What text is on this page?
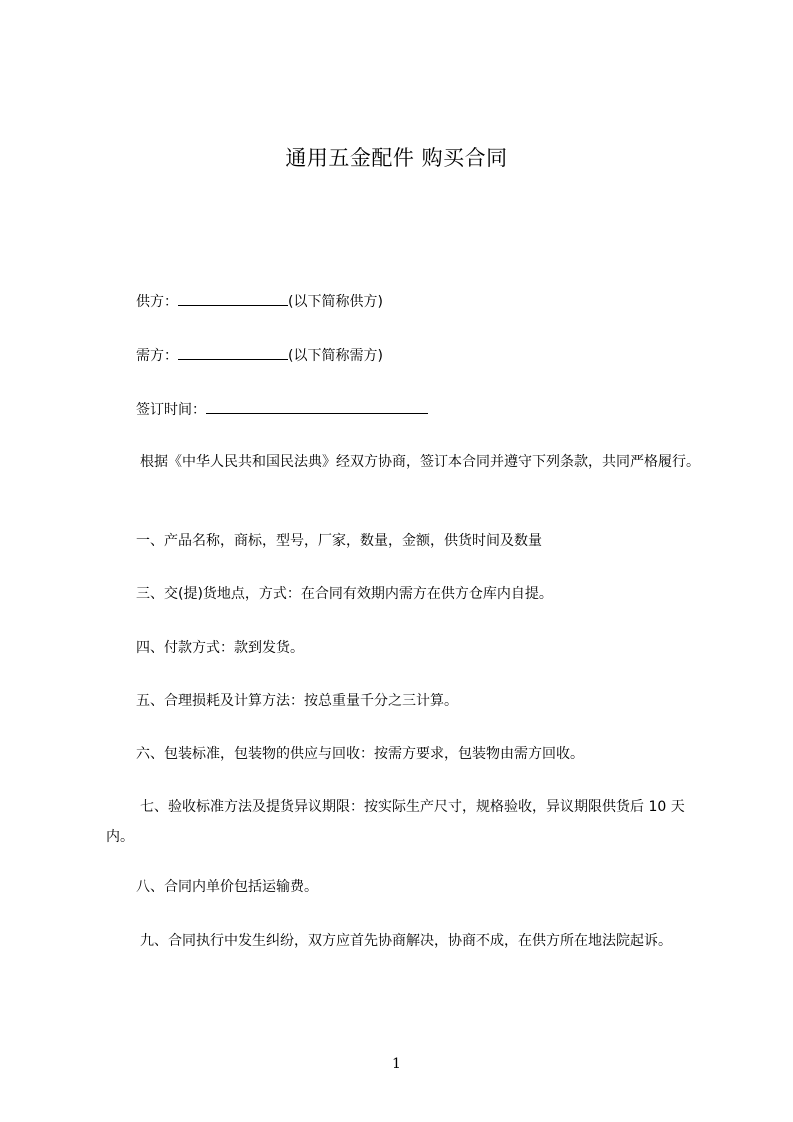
通用五金配件 购买合同
供方：	(以下简称供方)
需方：	(以下简称需方)
签订时间：
根据《中华人民共和国民法典》经双方协商，签订本合同并遵守下列条款，共同严格履行。
一、产品名称，商标，型号，厂家，数量，金额，供货时间及数量
三、交(提)货地点，方式：在合同有效期内需方在供方仓库内自提。
四、付款方式：款到发货。
五、合理损耗及计算方法：按总重量千分之三计算。
六、包装标准，包装物的供应与回收：按需方要求，包装物由需方回收。
七、验收标准方法及提货异议期限：按实际生产尺寸，规格验收，异议期限供货后 10 天内。
八、合同内单价包括运输费。
九、合同执行中发生纠纷，双方应首先协商解决，协商不成，在供方所在地法院起诉。
1
